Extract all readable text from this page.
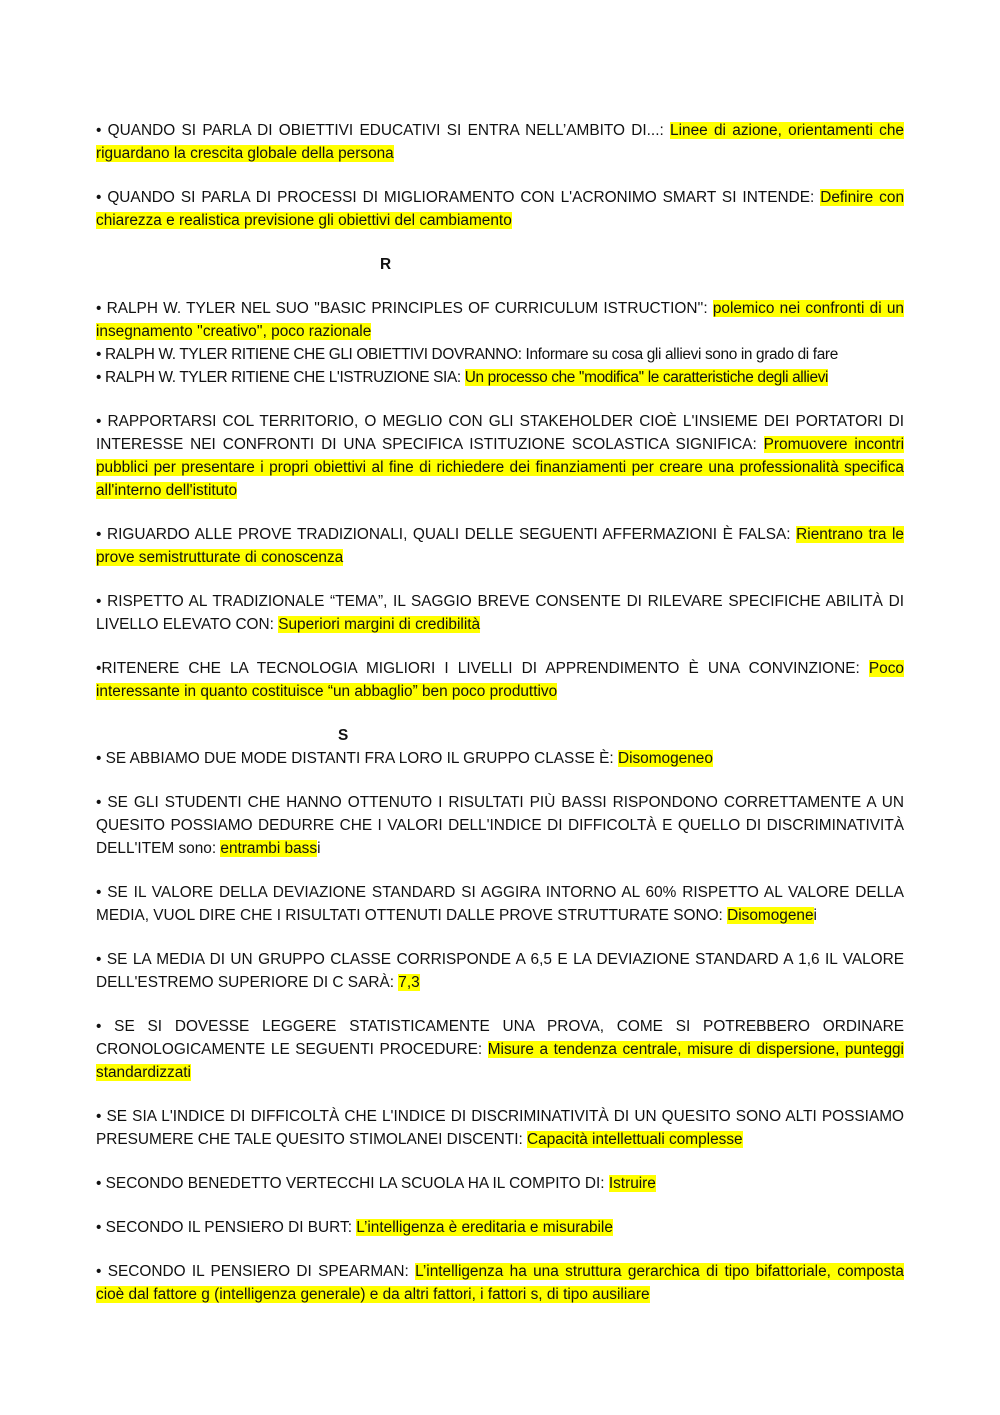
• QUANDO SI PARLA DI OBIETTIVI EDUCATIVI SI ENTRA NELL’AMBITO DI...: Linee di azione, orientamenti che riguardano la crescita globale della persona

• QUANDO SI PARLA DI PROCESSI DI MIGLIORAMENTO CON L'ACRONIMO SMART SI INTENDE: Definire con chiarezza e realistica previsione gli obiettivi del cambiamento

R

• RALPH W. TYLER NEL SUO ''BASIC PRINCIPLES OF CURRICULUM ISTRUCTION'': polemico nei confronti di un insegnamento ''creativo'', poco razionale

• RALPH W. TYLER RITIENE CHE GLI OBIETTIVI DOVRANNO: Informare su cosa gli allievi sono in grado di fare

• RALPH W. TYLER RITIENE CHE L'ISTRUZIONE SIA: Un processo che ''modifica'' le caratteristiche degli allievi

• RAPPORTARSI COL TERRITORIO, O MEGLIO CON GLI STAKEHOLDER CIOÈ L'INSIEME DEI PORTATORI DI INTERESSE NEI CONFRONTI DI UNA SPECIFICA ISTITUZIONE SCOLASTICA SIGNIFICA: Promuovere incontri pubblici per presentare i propri obiettivi al fine di richiedere dei finanziamenti per creare una professionalità specifica all'interno dell'istituto

• RIGUARDO ALLE PROVE TRADIZIONALI, QUALI DELLE SEGUENTI AFFERMAZIONI È FALSA: Rientrano tra le prove semistrutturate di conoscenza

• RISPETTO AL TRADIZIONALE “TEMA”, IL SAGGIO BREVE CONSENTE DI RILEVARE SPECIFICHE ABILITÀ DI LIVELLO ELEVATO CON: Superiori margini di credibilità

•RITENERE CHE LA TECNOLOGIA MIGLIORI I LIVELLI DI APPRENDIMENTO È UNA CONVINZIONE: Poco interessante in quanto costituisce “un abbaglio” ben poco produttivo

S

• SE ABBIAMO DUE MODE DISTANTI FRA LORO IL GRUPPO CLASSE È: Disomogeneo

• SE GLI STUDENTI CHE HANNO OTTENUTO I RISULTATI PIÙ BASSI RISPONDONO CORRETTAMENTE A UN QUESITO POSSIAMO DEDURRE CHE I VALORI DELL'INDICE DI DIFFICOLTÀ E QUELLO DI DISCRIMINATIVITÀ DELL'ITEM sono: entrambi bassi

• SE IL VALORE DELLA DEVIAZIONE STANDARD SI AGGIRA INTORNO AL 60% RISPETTO AL VALORE DELLA MEDIA, VUOL DIRE CHE I RISULTATI OTTENUTI DALLE PROVE STRUTTURATE SONO: Disomogenei

• SE LA MEDIA DI UN GRUPPO CLASSE CORRISPONDE A 6,5 E LA DEVIAZIONE STANDARD A 1,6 IL VALORE DELL'ESTREMO SUPERIORE DI C SARÀ: 7,3

• SE SI DOVESSE LEGGERE STATISTICAMENTE UNA PROVA, COME SI POTREBBERO ORDINARE CRONOLOGICAMENTE LE SEGUENTI PROCEDURE: Misure a tendenza centrale, misure di dispersione, punteggi standardizzati

• SE SIA L'INDICE DI DIFFICOLTÀ CHE L'INDICE DI DISCRIMINATIVITÀ DI UN QUESITO SONO ALTI POSSIAMO PRESUMERE CHE TALE QUESITO STIMOLANEI DISCENTI: Capacità intellettuali complesse

• SECONDO BENEDETTO VERTECCHI LA SCUOLA HA IL COMPITO DI: Istruire

• SECONDO IL PENSIERO DI BURT: L’intelligenza è ereditaria e misurabile

• SECONDO IL PENSIERO DI SPEARMAN: L’intelligenza ha una struttura gerarchica di tipo bifattoriale, composta cioè dal fattore g (intelligenza generale) e da altri fattori, i fattori s, di tipo ausiliare
